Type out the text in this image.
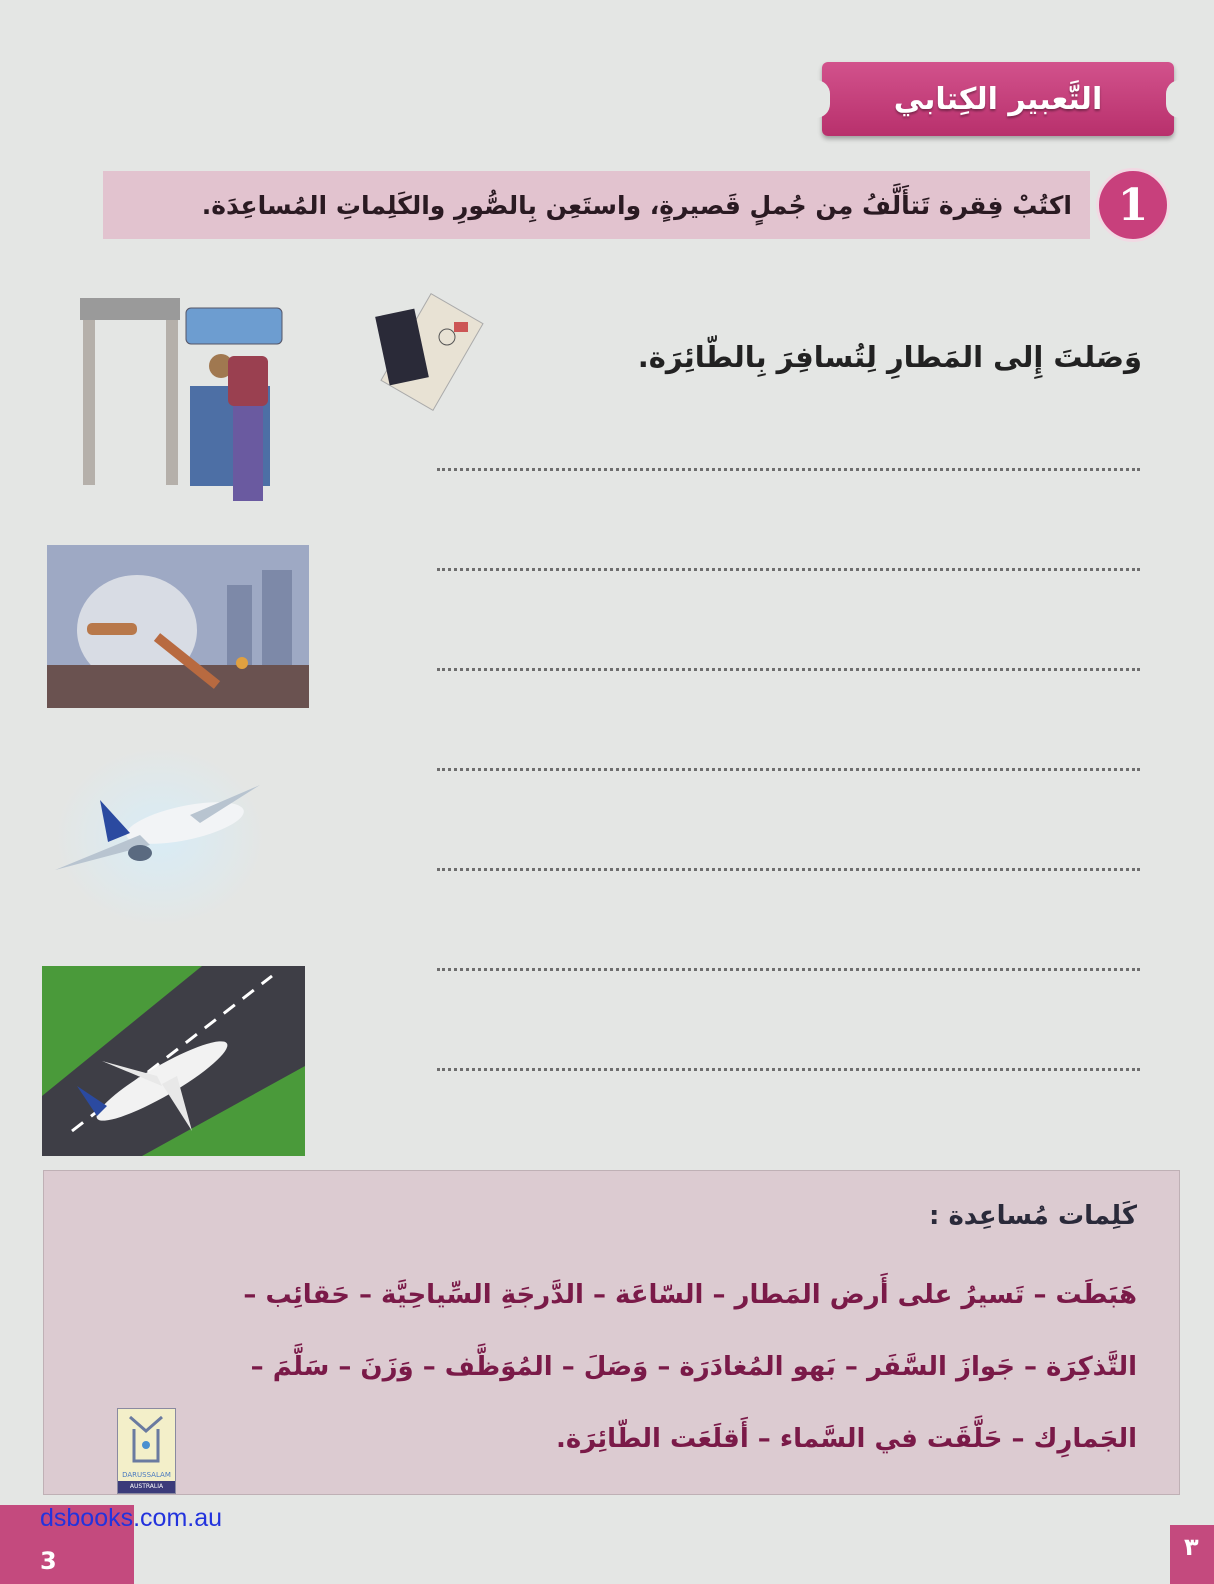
التَّعبير الكِتابي
اكتُبْ فِقرة تَتأَلَّفُ مِن جُملٍ قَصيرةٍ، واستَعِن بِالصُّورِ والكَلِماتِ المُساعِدَة.	1
وَصَلتَ إِلى المَطارِ لِتُسافِرَ بِالطّائِرَة.
كَلِمات مُساعِدة :

هَبَطَت – تَسيرُ على أَرض المَطار – السّاعَة – الدَّرجَةِ السِّياحِيَّة – حَقائِب –

التَّذكِرَة – جَوازَ السَّفَر – بَهو المُغادَرَة – وَصَلَ – المُوَظَّف – وَزَنَ – سَلَّمَ –

الجَمارِك – حَلَّقَت في السَّماء – أَقلَعَت الطّائِرَة.

DARUSSALAM
AUSTRALIA
3	٣
dsbooks.com.au
